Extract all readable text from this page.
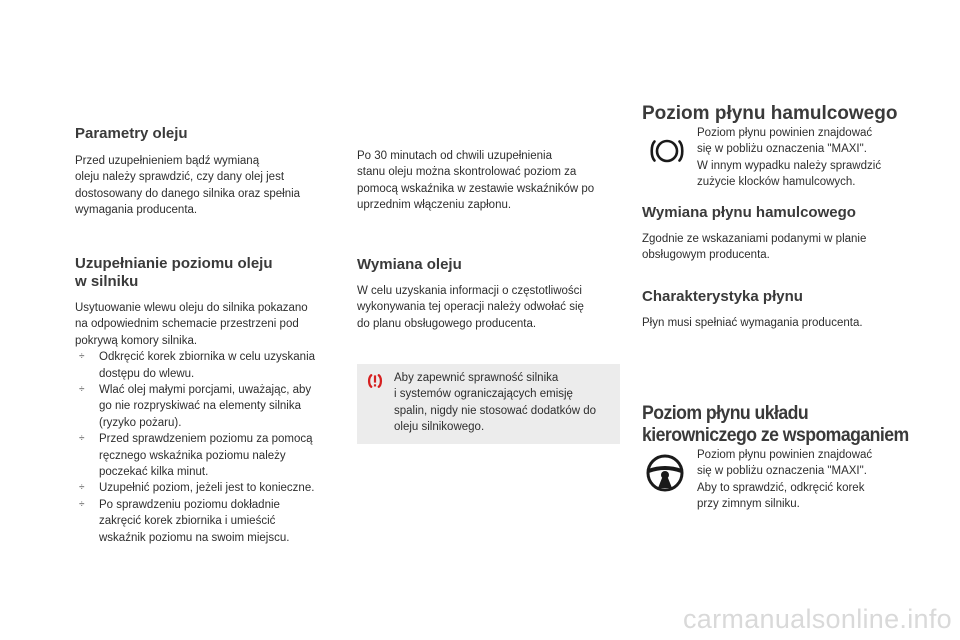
Parametry oleju

Przed uzupełnieniem bądź wymianą

oleju należy sprawdzić, czy dany olej jest

dostosowany do danego silnika oraz spełnia

wymagania producenta.

Uzupełnianie poziomu oleju
w silniku

Usytuowanie wlewu oleju do silnika pokazano

na odpowiednim schemacie przestrzeni pod

pokrywą komory silnika.

÷ Odkręcić korek zbiornika w celu uzyskania
dostępu do wlewu.
÷ Wlać olej małymi porcjami, uważając, aby
go nie rozpryskiwać na elementy silnika
(ryzyko pożaru).
÷ Przed sprawdzeniem poziomu za pomocą
ręcznego wskaźnika poziomu należy
poczekać kilka minut.
÷ Uzupełnić poziom, jeżeli jest to konieczne.
÷ Po sprawdzeniu poziomu dokładnie
zakręcić korek zbiornika i umieścić
wskaźnik poziomu na swoim miejscu.

Po 30 minutach od chwili uzupełnienia

stanu oleju można skontrolować poziom za

pomocą wskaźnika w zestawie wskaźników po

uprzednim włączeniu zapłonu.

Wymiana oleju

W celu uzyskania informacji o częstotliwości

wykonywania tej operacji należy odwołać się

do planu obsługowego producenta.

Aby zapewnić sprawność silnika

i systemów ograniczających emisję

spalin, nigdy nie stosować dodatków do

oleju silnikowego.

Poziom płynu hamulcowego

Poziom płynu powinien znajdować

się w pobliżu oznaczenia "MAXI".

W innym wypadku należy sprawdzić

zużycie klocków hamulcowych.

Wymiana płynu hamulcowego

Zgodnie ze wskazaniami podanymi w planie

obsługowym producenta.

Charakterystyka płynu

Płyn musi spełniać wymagania producenta.

Poziom płynu układu
kierowniczego ze wspomaganiem

Poziom płynu powinien znajdować

się w pobliżu oznaczenia "MAXI".

Aby to sprawdzić, odkręcić korek

przy zimnym silniku.

carmanualsonline.info
